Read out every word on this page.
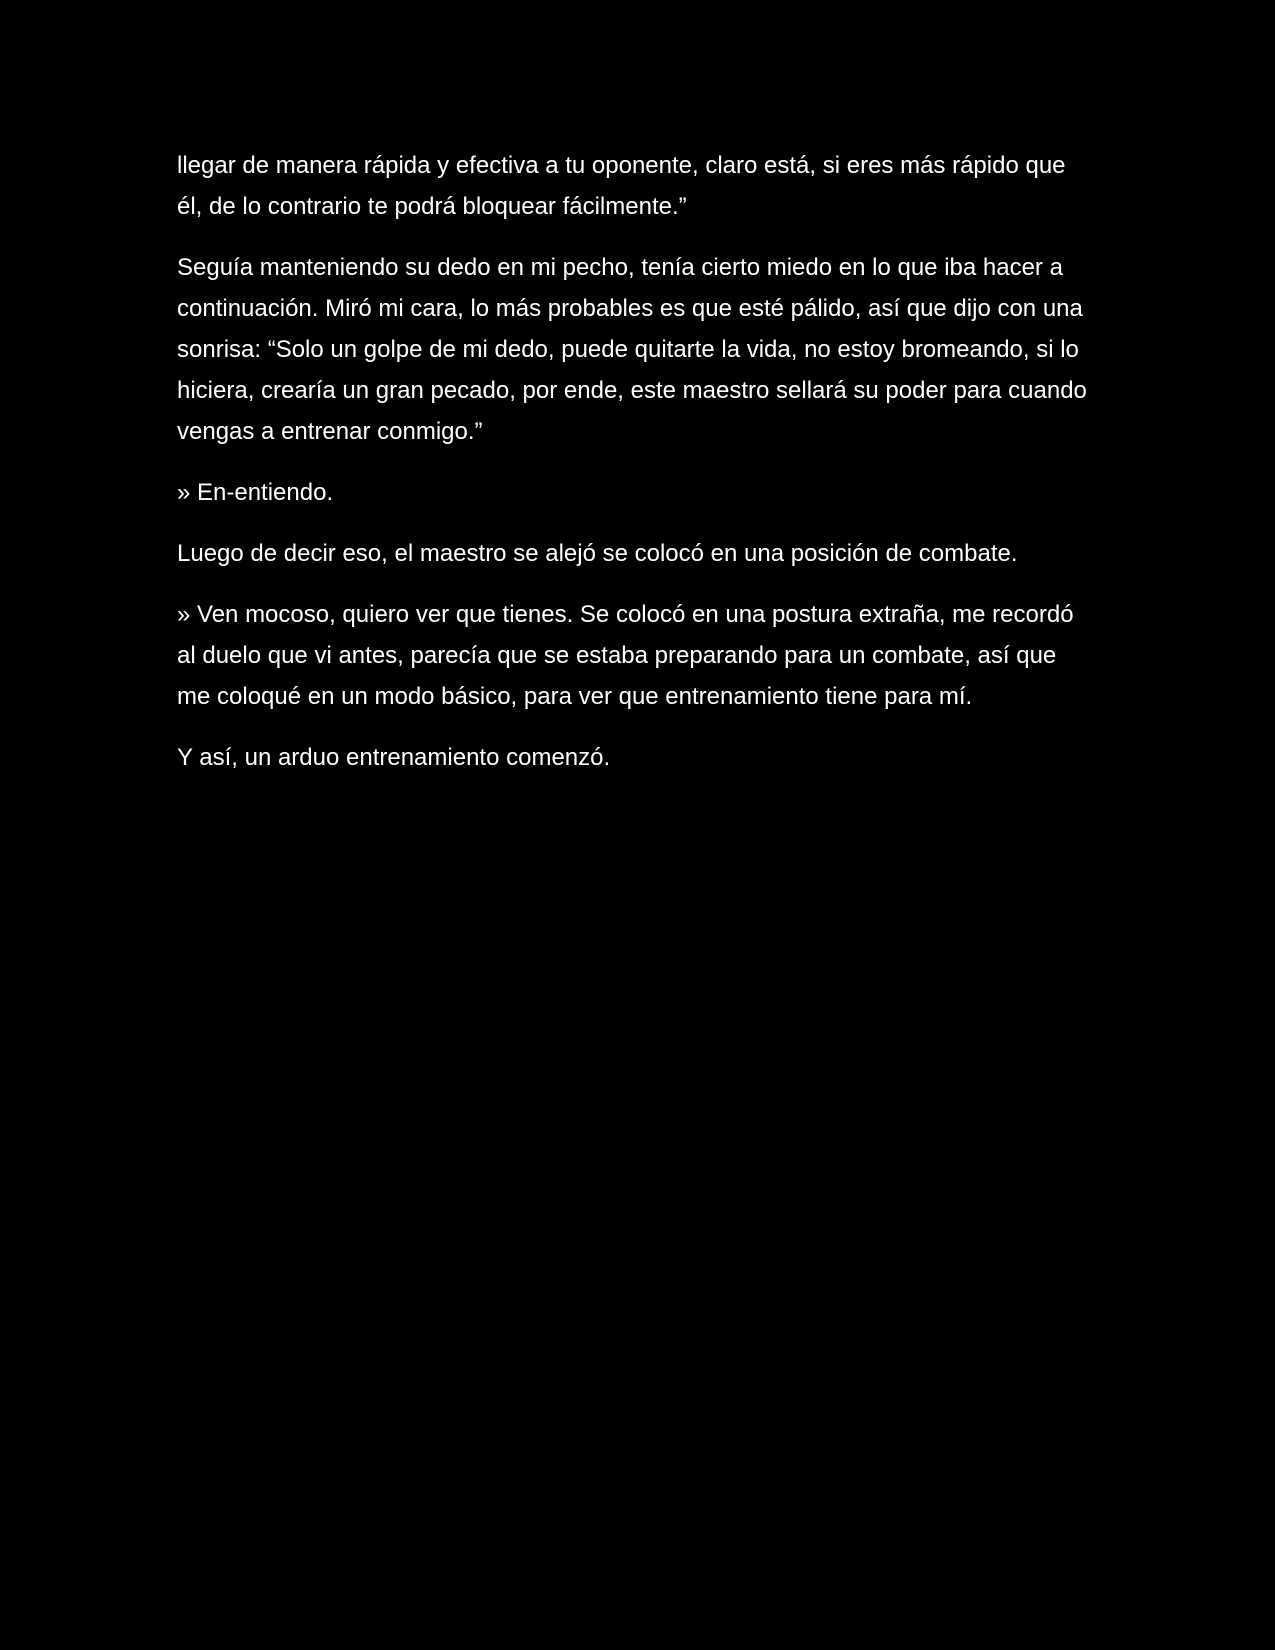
llegar de manera rápida y efectiva a tu oponente, claro está, si eres más rápido que él, de lo contrario te podrá bloquear fácilmente.”

Seguía manteniendo su dedo en mi pecho, tenía cierto miedo en lo que iba hacer a continuación. Miró mi cara, lo más probables es que esté pálido, así que dijo con una sonrisa: “Solo un golpe de mi dedo, puede quitarte la vida, no estoy bromeando, si lo hiciera, crearía un gran pecado, por ende, este maestro sellará su poder para cuando vengas a entrenar conmigo.”

» En-entiendo.

Luego de decir eso, el maestro se alejó se colocó en una posición de combate.

» Ven mocoso, quiero ver que tienes. Se colocó en una postura extraña, me recordó al duelo que vi antes, parecía que se estaba preparando para un combate, así que me coloqué en un modo básico, para ver que entrenamiento tiene para mí.

Y así, un arduo entrenamiento comenzó.
